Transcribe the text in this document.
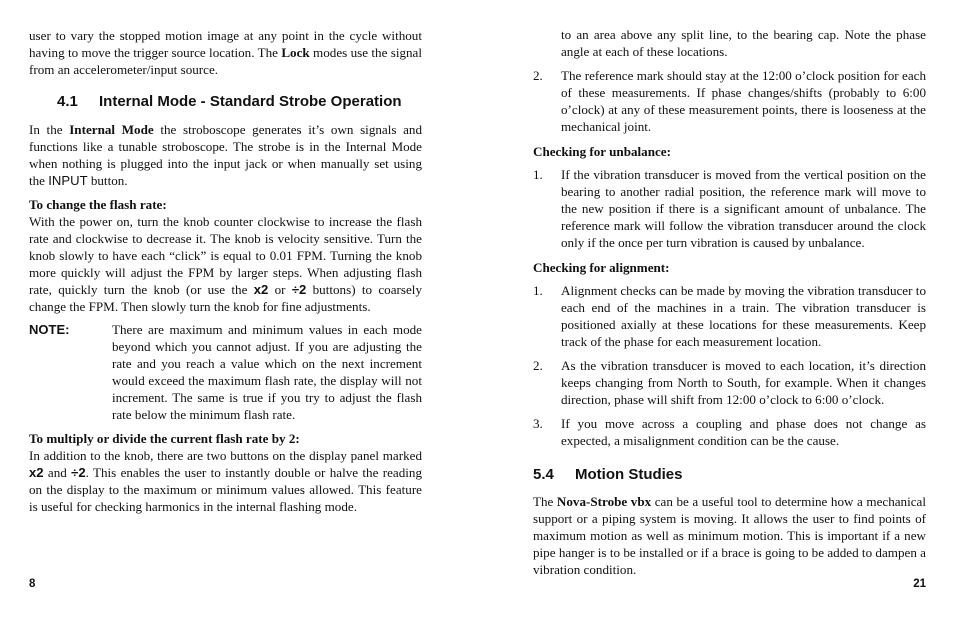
user to vary the stopped motion image at any point in the cycle without having to move the trigger source location. The Lock modes use the signal from an accelerometer/input source.

4.1 Internal Mode - Standard Strobe Operation

In the Internal Mode the stroboscope generates it’s own signals and functions like a tunable stroboscope. The strobe is in the Internal Mode when nothing is plugged into the input jack or when manually set using the INPUT button.

To change the flash rate:

With the power on, turn the knob counter clockwise to increase the flash rate and clockwise to decrease it. The knob is velocity sensitive. Turn the knob slowly to have each “click” is equal to 0.01 FPM. Turning the knob more quickly will adjust the FPM by larger steps. When adjusting flash rate, quickly turn the knob (or use the x2 or ÷2 buttons) to coarsely change the FPM. Then slowly turn the knob for fine adjustments.

NOTE:	There are maximum and minimum values in each mode beyond which you cannot adjust. If you are adjusting the rate and you reach a value which on the next increment would exceed the maximum flash rate, the display will not increment. The same is true if you try to adjust the flash rate below the minimum flash rate.

To multiply or divide the current flash rate by 2:

In addition to the knob, there are two buttons on the display panel marked x2 and ÷2. This enables the user to instantly double or halve the reading on the display to the maximum or minimum values allowed. This feature is useful for checking harmonics in the internal flashing mode.

8
to an area above any split line, to the bearing cap. Note the phase angle at each of these locations.
2. The reference mark should stay at the 12:00 o’clock position for each of these measurements. If phase changes/shifts (probably to 6:00 o’clock) at any of these measurement points, there is looseness at the mechanical joint.

Checking for unbalance:

1. If the vibration transducer is moved from the vertical position on the bearing to another radial position, the reference mark will move to the new position if there is a significant amount of unbalance. The reference mark will follow the vibration transducer around the clock only if the once per turn vibration is caused by unbalance.

Checking for alignment:

1. Alignment checks can be made by moving the vibration transducer to each end of the machines in a train. The vibration transducer is positioned axially at these locations for these measurements. Keep track of the phase for each measurement location.
2. As the vibration transducer is moved to each location, it’s direction keeps changing from North to South, for example. When it changes direction, phase will shift from 12:00 o’clock to 6:00 o’clock.
3. If you move across a coupling and phase does not change as expected, a misalignment condition can be the cause.
5.4 Motion Studies

The Nova-Strobe vbx can be a useful tool to determine how a mechanical support or a piping system is moving. It allows the user to find points of maximum motion as well as minimum motion. This is important if a new pipe hanger is to be installed or if a brace is going to be added to dampen a vibration condition.

21
